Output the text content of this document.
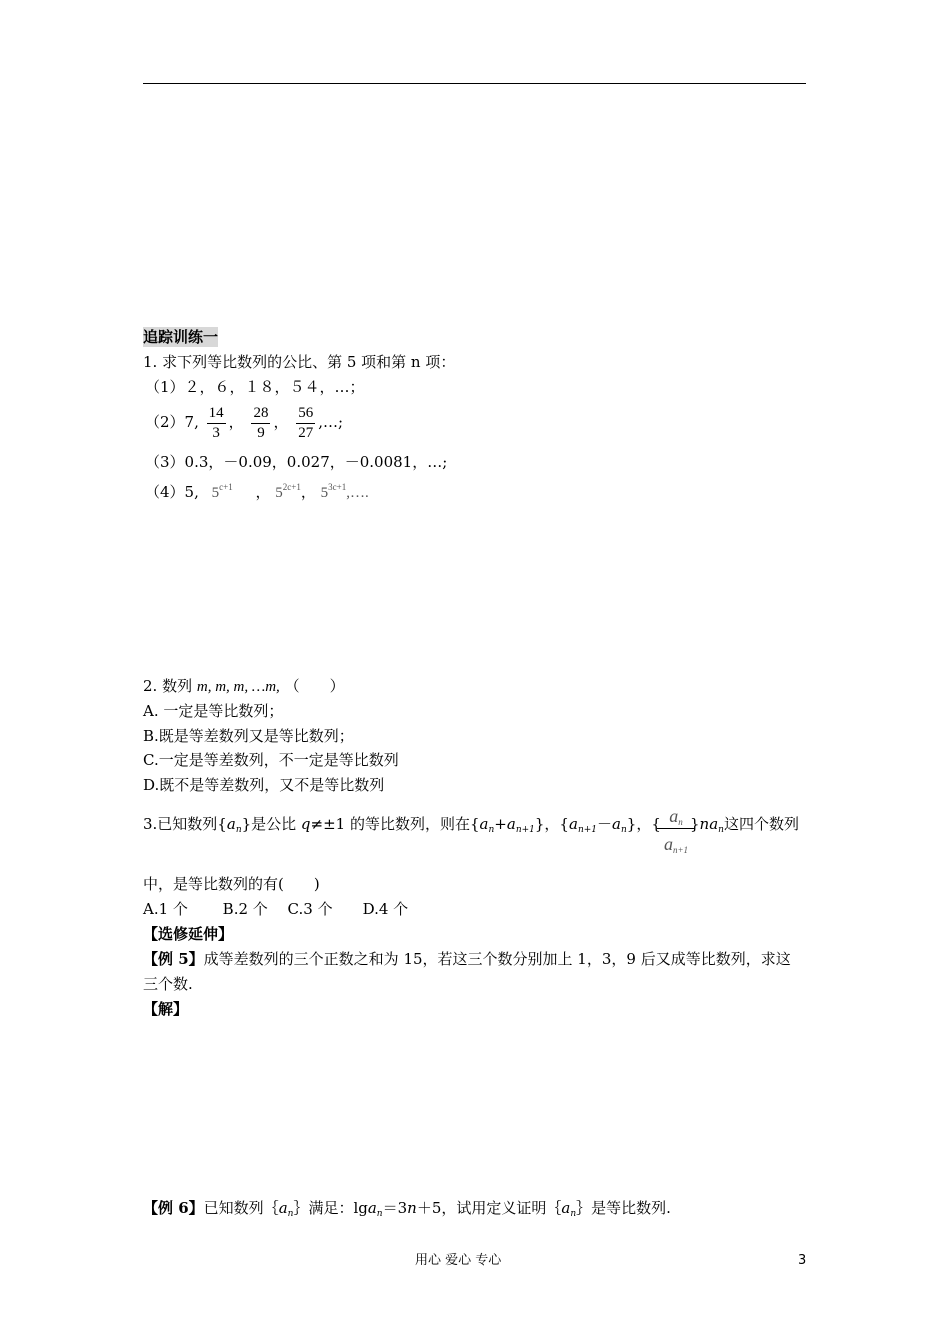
追踪训练一
1. 求下列等比数列的公比、第 5 项和第 n 项：
（1）２，６，１８，５４，…；
（2）7, $\frac{14}{3}$ ， $\frac{28}{9}$ ， $\frac{56}{27}$ ,…;
（3）0.3，－0.09，0.027，－0.0081，…;
（4）5, $5^{c+1}$ ， $5^{2c+1}$， $5^{3c+1},\dots$.
2. 数列 m, m, m, …m, （　　）
A. 一定是等比数列；
B.既是等差数列又是等比数列；
C.一定是等差数列，不一定是等比数列
D.既不是等差数列，又不是等比数列
3.已知数列$\{a_n\}$是公比 q≠±1 的等比数列，则在$\{a_n+a_{n+1}\}$，$\{a_{n+1}-a_n\}$，{ $a_n$
$a_{n+1}$
}$na_n$这四个数列
中，是等比数列的有(　　)
A.1 个　　 B.2 个　 C.3 个　　D.4 个
【选修延伸】
【例 5】成等差数列的三个正数之和为 15，若这三个数分别加上 1，3，9 后又成等比数列，求这
三个数.
【解】
【例 6】已知数列$\{a_n\}$满足：lga$_n$＝3n＋5，试用定义证明$\{a_n\}$是等比数列.
用心 爱心 专心	3
